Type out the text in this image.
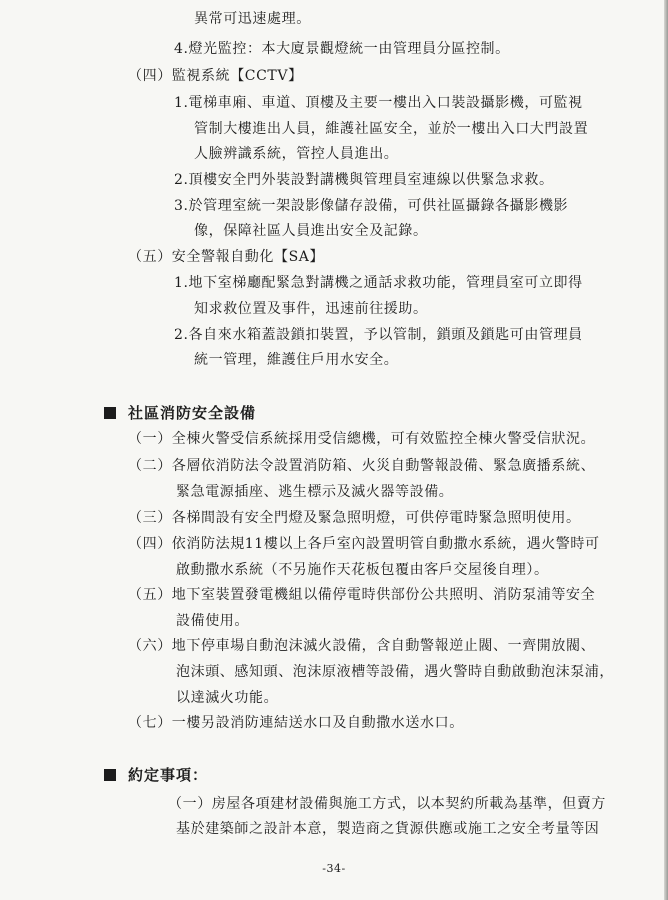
異常可迅速處理。
4.燈光監控：本大廈景觀燈統一由管理員分區控制。
（四）監視系統【CCTV】
1.電梯車廂、車道、頂樓及主要一樓出入口裝設攝影機，可監視
管制大樓進出人員，維護社區安全，並於一樓出入口大門設置
人臉辨識系統，管控人員進出。
2.頂樓安全門外裝設對講機與管理員室連線以供緊急求救。
3.於管理室統一架設影像儲存設備，可供社區攝錄各攝影機影
像，保障社區人員進出安全及記錄。
（五）安全警報自動化【SA】
1.地下室梯廳配緊急對講機之通話求救功能，管理員室可立即得
知求救位置及事件，迅速前往援助。
2.各自來水箱蓋設鎖扣裝置，予以管制，鎖頭及鎖匙可由管理員
統一管理，維護住戶用水安全。
社區消防安全設備
（一）全棟火警受信系統採用受信總機，可有效監控全棟火警受信狀況。
（二）各層依消防法令設置消防箱、火災自動警報設備、緊急廣播系統、
緊急電源插座、逃生標示及滅火器等設備。
（三）各梯間設有安全門燈及緊急照明燈，可供停電時緊急照明使用。
（四）依消防法規11樓以上各戶室內設置明管自動撒水系統，遇火警時可
啟動撒水系統（不另施作天花板包覆由客戶交屋後自理）。
（五）地下室裝置發電機組以備停電時供部份公共照明、消防泵浦等安全
設備使用。
（六）地下停車場自動泡沫滅火設備，含自動警報逆止閥、一齊開放閥、
泡沫頭、感知頭、泡沫原液槽等設備，遇火警時自動啟動泡沫泵浦，
以達滅火功能。
（七）一樓另設消防連結送水口及自動撒水送水口。
約定事項：
（一）房屋各項建材設備與施工方式，以本契約所載為基準，但賣方
基於建築師之設計本意，製造商之貨源供應或施工之安全考量等因
-34-
